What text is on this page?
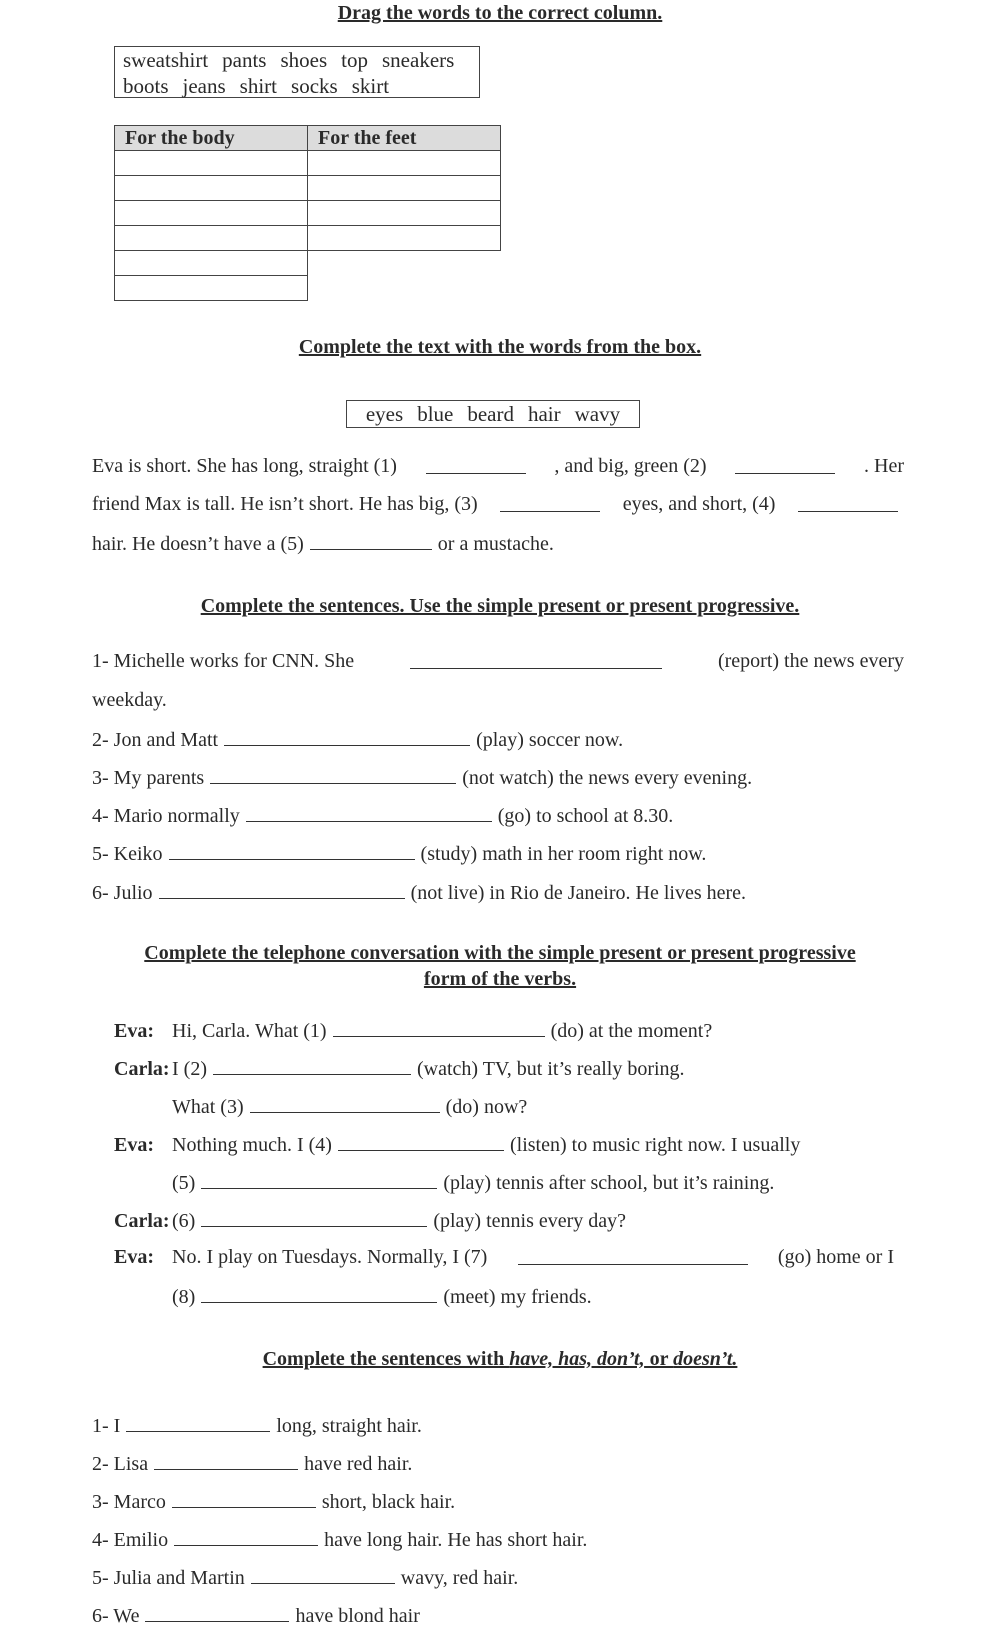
Drag the words to the correct column.
sweatshirt pants shoes top sneakers
boots jeans shirt socks skirt
For the body	For the feet

Complete the text with the words from the box.
eyes blue beard hair wavy
Eva is short. She has long, straight (1)	, and big, green (2)	. Her
friend Max is tall. He isn’t short. He has big, (3)	eyes, and short, (4)
hair. He doesn’t have a (5)	or a mustache.
Complete the sentences. Use the simple present or present progressive.
1- Michelle works for CNN. She	(report) the news every
weekday.
2- Jon and Matt	(play) soccer now.
3- My parents	(not watch) the news every evening.
4- Mario normally	(go) to school at 8.30.
5- Keiko	(study) math in her room right now.
6- Julio	(not live) in Rio de Janeiro. He lives here.
Complete the telephone conversation with the simple present or present progressive
form of the verbs.
Eva: Hi, Carla. What (1)	(do) at the moment?
Carla: I (2)	(watch) TV, but it’s really boring.
What (3)	(do) now?
Eva: Nothing much. I (4)	(listen) to music right now. I usually
(5)	(play) tennis after school, but it’s raining.
Carla: (6)	(play) tennis every day?
Eva: No. I play on Tuesdays. Normally, I (7)	(go) home or I
(8)	(meet) my friends.
Complete the sentences with have, has, don’t, or doesn’t.
1- I	long, straight hair.
2- Lisa	have red hair.
3- Marco	short, black hair.
4- Emilio	have long hair. He has short hair.
5- Julia and Martin	wavy, red hair.
6- We	have blond hair
